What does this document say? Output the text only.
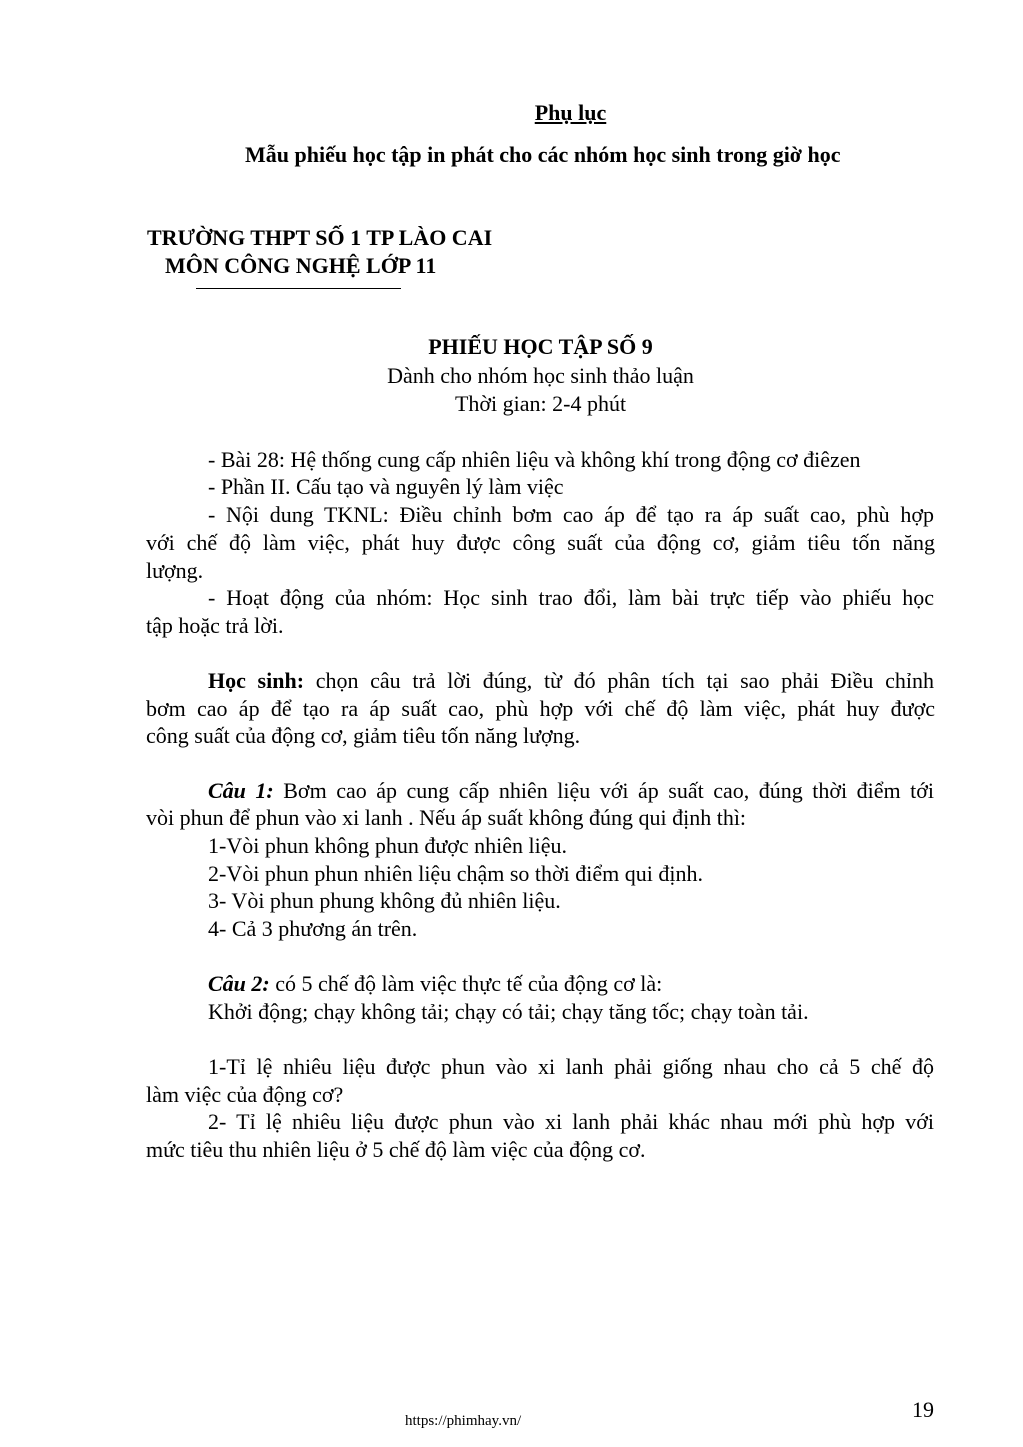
Phụ lục
Mẫu phiếu học tập in phát cho các nhóm học sinh trong giờ học
TRƯỜNG THPT SỐ 1 TP LÀO CAI
MÔN CÔNG NGHỆ LỚP 11
PHIẾU HỌC TẬP SỐ 9
Dành cho nhóm học sinh thảo luận
Thời gian: 2-4 phút
- Bài 28: Hệ thống cung cấp nhiên liệu và không khí trong động cơ điêzen
- Phần II. Cấu tạo và nguyên lý làm việc
- Nội dung TKNL: Điều chỉnh bơm cao áp để tạo ra áp suất cao, phù hợp
với chế độ làm việc, phát huy được công suất của động cơ, giảm tiêu tốn năng
lượng.
- Hoạt động của nhóm: Học sinh trao đổi, làm bài trực tiếp vào phiếu học
tập hoặc trả lời.
Học sinh: chọn câu trả lời đúng, từ đó phân tích tại sao phải Điều chỉnh
bơm cao áp để tạo ra áp suất cao, phù hợp với chế độ làm việc, phát huy được
công suất của động cơ, giảm tiêu tốn năng lượng.
Câu 1: Bơm cao áp cung cấp nhiên liệu với áp suất cao, đúng thời điểm tới
vòi phun để phun vào xi lanh . Nếu áp suất không đúng qui định thì:
1-Vòi phun không phun được nhiên liệu.
2-Vòi phun phun nhiên liệu chậm so thời điểm qui định.
3- Vòi phun phung không đủ nhiên liệu.
4- Cả 3 phương án trên.
Câu 2: có 5 chế độ làm việc thực tế của động cơ là:
Khởi động; chạy không tải; chạy có tải; chạy tăng tốc; chạy toàn tải.
1-Tỉ lệ nhiêu liệu được phun vào xi lanh phải giống nhau cho cả 5 chế độ
làm việc của động cơ?
2- Tỉ lệ nhiêu liệu được phun vào xi lanh phải khác nhau mới phù hợp với
mức tiêu thu nhiên liệu ở 5 chế độ làm việc của động cơ.
19
https://phimhay.vn/
